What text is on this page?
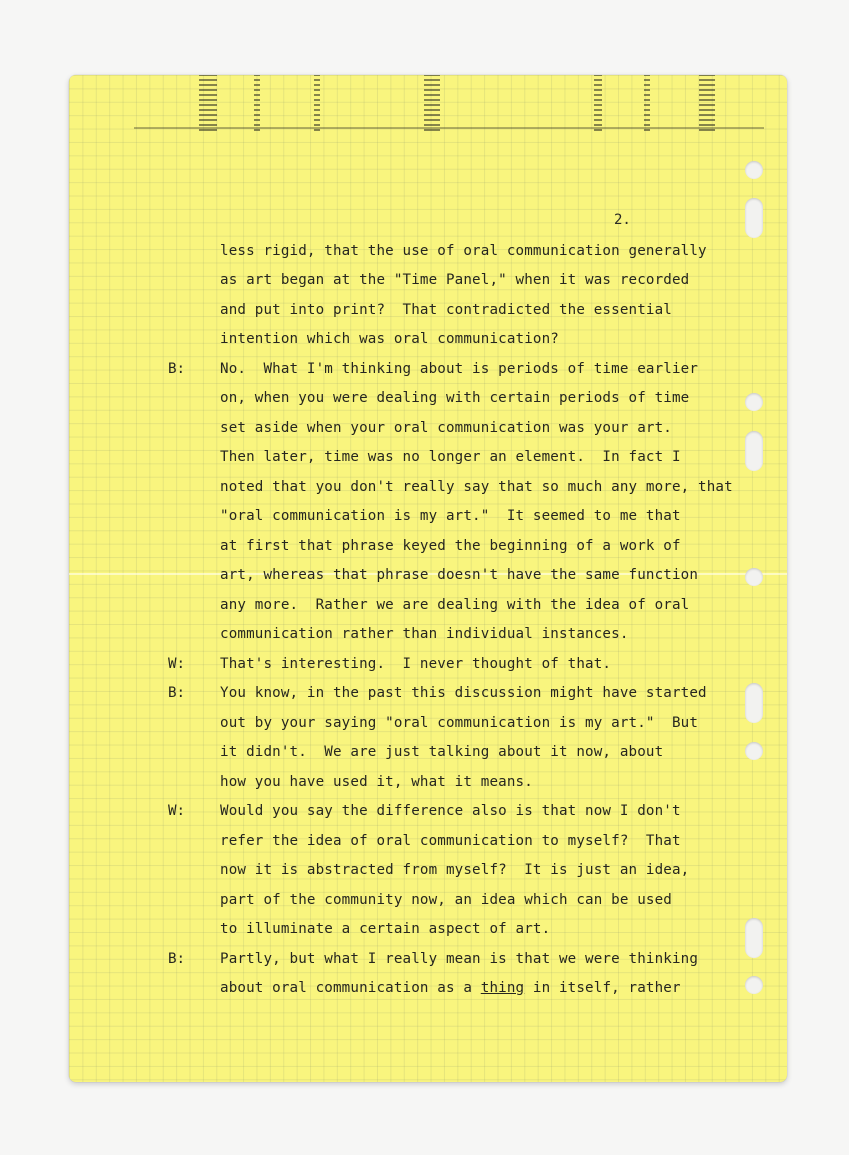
2.
less rigid, that the use of oral communication generally
as art began at the "Time Panel," when it was recorded
and put into print?  That contradicted the essential
intention which was oral communication?
B: No.  What I'm thinking about is periods of time earlier
on, when you were dealing with certain periods of time
set aside when your oral communication was your art.
Then later, time was no longer an element.  In fact I
noted that you don't really say that so much any more, that
"oral communication is my art."  It seemed to me that
at first that phrase keyed the beginning of a work of
art, whereas that phrase doesn't have the same function
any more.  Rather we are dealing with the idea of oral
communication rather than individual instances.
W: That's interesting.  I never thought of that.
B: You know, in the past this discussion might have started
out by your saying "oral communication is my art."  But
it didn't.  We are just talking about it now, about
how you have used it, what it means.
W: Would you say the difference also is that now I don't
refer the idea of oral communication to myself?  That
now it is abstracted from myself?  It is just an idea,
part of the community now, an idea which can be used
to illuminate a certain aspect of art.
B: Partly, but what I really mean is that we were thinking
about oral communication as a thing in itself, rather
